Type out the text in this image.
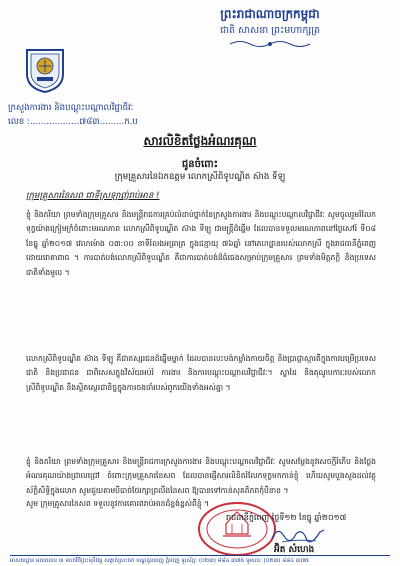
ព្រះរាជាណាចក្រកម្ពុជា
ជាតិ សាសនា ព្រះមហាក្សត្រ
ក្រសួងការងារ និងបណ្តុះបណ្តាលវិជ្ជាជីវៈ
លេខ :..................៧៨៣.........ក.ប
សារលិខិតថ្លែងអំណរគុណ
ជូនចំពោះ
ក្រុមគ្រួសារនៃឯកឧត្ដម លោកស្រីពិទូបណ្ឌិត ស៊ាង ទីឡូ
ក្រុមគ្រួសារនៃសព ជាទីស្រឡាញ់រាប់អាន !
ខ្ញុំ និងភរិយា ព្រមទាំងក្រុមគ្រួសារ និងមន្ត្រីរាជការគ្រប់លំដាប់ថ្នាក់នៃក្រសួងការងារ និងបណ្តុះបណ្តាលវិជ្ជាជីវៈ សូមចូលរួមរំលែកទុក្ខយ៉ាងក្រៀមក្រំចំពោះមរណភាព លោកស្រីពិទូបណ្ឌិត ស៊ាង ទីឡូ ជាមន្ត្រីដ៏ឆ្នើម ដែលបានទទួលមរណភាពនៅថ្ងៃសៅរ៍ ទី០៨ ខែធ្នូ ឆ្នាំ២០១៧ វេលាម៉ោង ០៣:០០ នាទីរំលងអធ្រាត្រ ក្នុងជន្មាយុ ៧៦ឆ្នាំ នៅគេហដ្ឋានរបស់លោកស្រី ក្នុងរាជធានីភ្នំពេញ ដោយរោគាពាធ ។ ការបាត់បង់លោកស្រីពិទូបណ្ឌិត គឺជាការបាត់បង់ដ៏ធំធេងសម្រាប់ក្រុមគ្រួសារ ព្រមទាំងមិត្តភក្តិ និងប្រទេសជាតិទាំងមូល ។
លោកស្រីពិទូបណ្ឌិត ស៊ាង ទីឡូ គឺជាឥស្សរជនដ៏ឆ្នើមម្នាក់ ដែលបានលះបង់កម្លាំងកាយចិត្ត និងប្រាជ្ញាស្មារតីក្នុងការបម្រើប្រទេសជាតិ និងប្រជាជន ជាពិសេសក្នុងវិស័យអប់រំ ការងារ និងការបណ្តុះបណ្តាលវិជ្ជាជីវៈ។ ស្នាដៃ និងគុណូបការៈរបស់លោកស្រីពិទូបណ្ឌិត នឹងស្ថិតស្ថេរជានិច្ចក្នុងការចងចាំរបស់ពួកយើងទាំងអស់គ្នា ។
ខ្ញុំ និងភរិយា ព្រមទាំងក្រុមគ្រួសារ និងមន្ត្រីរាជការក្រសួងការងារ និងបណ្តុះបណ្តាលវិជ្ជាជីវៈ សូមសម្តែងនូវសេចក្តីរំភើប និងថ្លែងអំណរគុណយ៉ាងជ្រាលជ្រៅ ចំពោះក្រុមគ្រួសារនៃសព ដែលបានផ្ញើសារលិខិតរំលែកទុក្ខមកកាន់ខ្ញុំ ហើយសូមបួងសួងដល់វត្ថុស័ក្តិសិទ្ធិក្នុងលោក សូមជួយតាមបីបាច់ថែរក្សាព្រលឹងនៃសព ឱ្យបានទៅកាន់សុគតិភពកុំបីខាន ។
សូម ក្រុមគ្រួសារនៃសព ទទួលនូវការគោរពរាប់អានដ៏ខ្ពង់ខ្ពស់ពីខ្ញុំ ។
រាជធានីភ្នំពេញ ថ្ងៃទី១២ ខែធ្នូ ឆ្នាំ២០១៧
អ៊ិត សំហេង
អាសយដ្ឋាន អគារលេខ ៣ មហាវិថីព្រះមុនីវង្ស សង្កាត់ស្រះចក ខណ្ឌដូនពេញ ភ្នំពេញ ទូរស័ព្ទ: (០២៣) ៨៨៤ ៣៧៥ ទូរសារ: (០២៣) ៨៨៤ ៣៧៥
